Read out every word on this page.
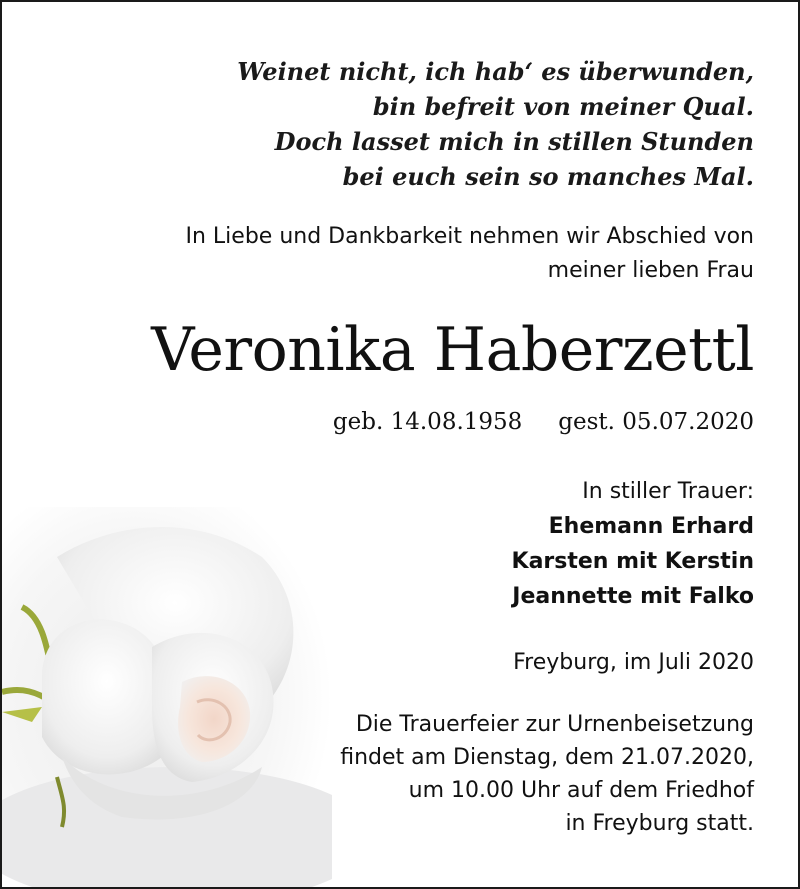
Weinet nicht, ich hab‘ es überwunden,
bin befreit von meiner Qual.
Doch lasset mich in stillen Stunden
bei euch sein so manches Mal.
In Liebe und Dankbarkeit nehmen wir Abschied von
meiner lieben Frau
Veronika Haberzettl
geb. 14.08.1958 gest. 05.07.2020
In stiller Trauer:
Ehemann Erhard
Karsten mit Kerstin
Jeannette mit Falko
Freyburg, im Juli 2020
Die Trauerfeier zur Urnenbeisetzung
findet am Dienstag, dem 21.07.2020,
um 10.00 Uhr auf dem Friedhof
in Freyburg statt.
